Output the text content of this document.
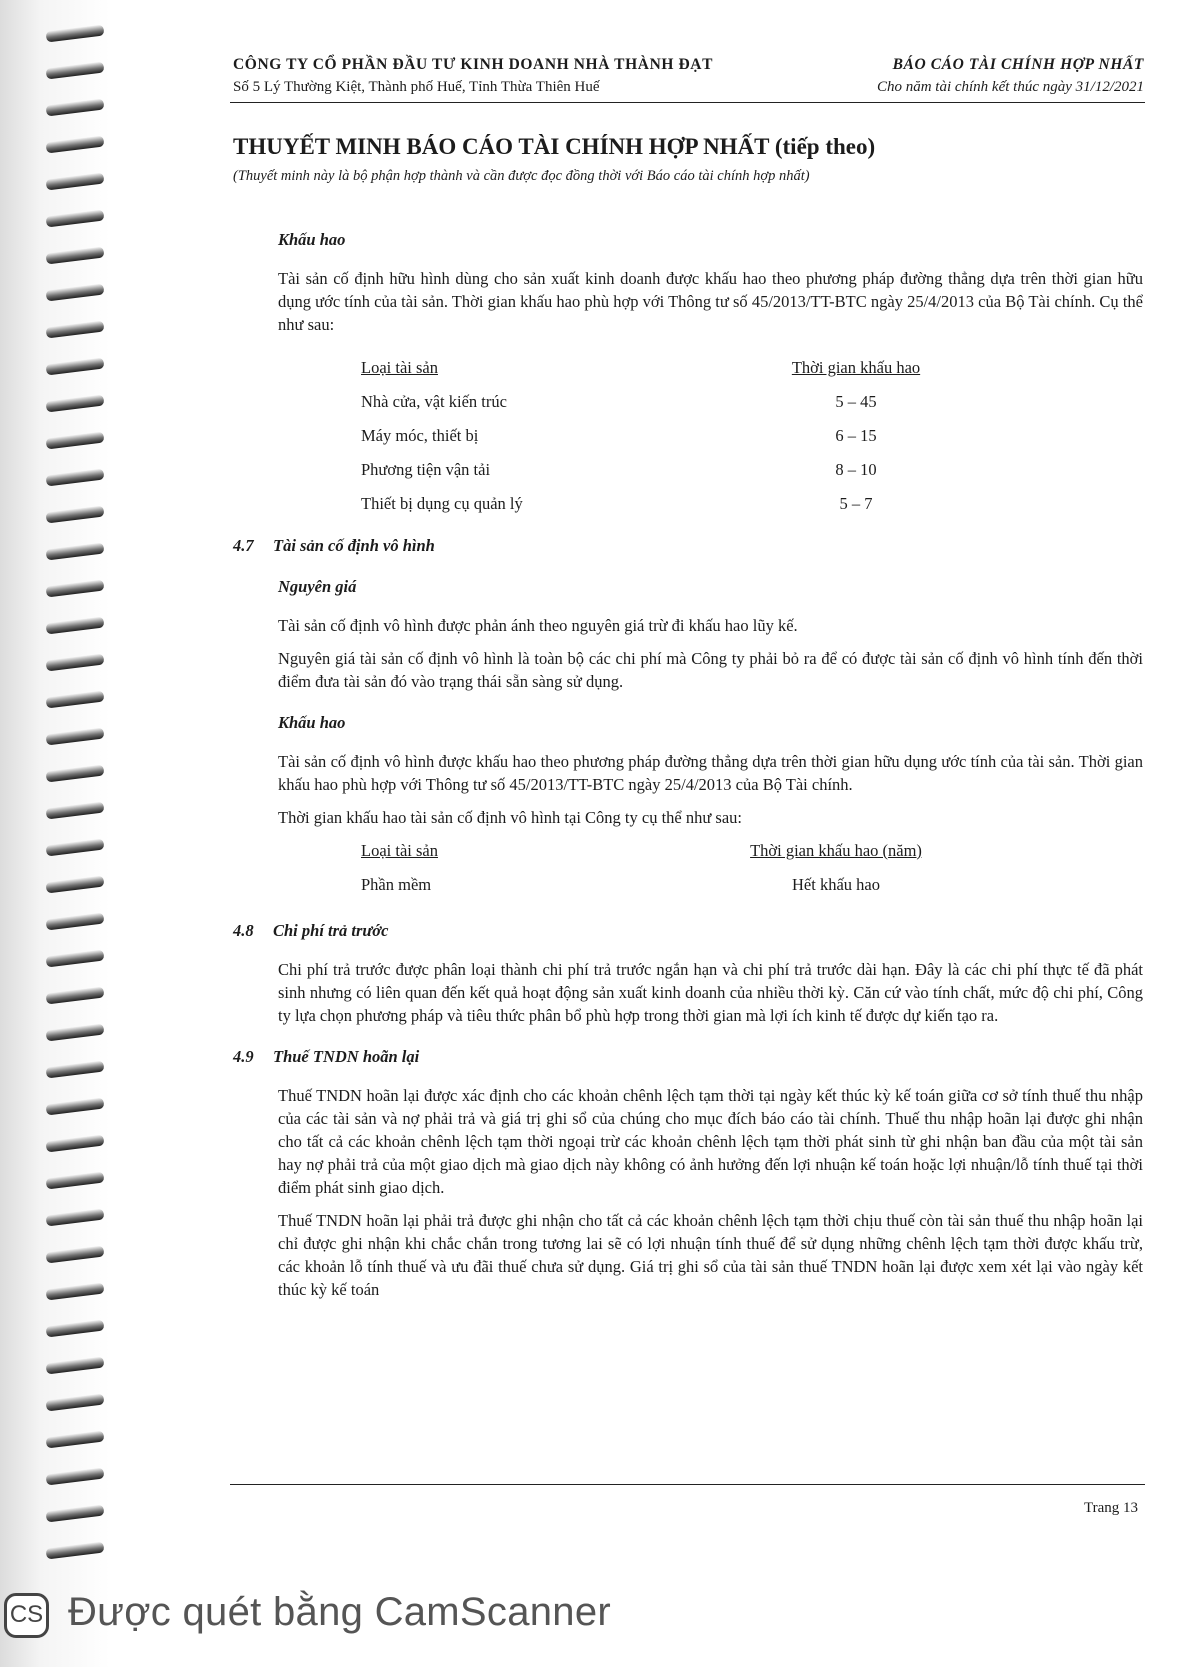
CÔNG TY CỔ PHẦN ĐẦU TƯ KINH DOANH NHÀ THÀNH ĐẠT
Số 5 Lý Thường Kiệt, Thành phố Huế, Tỉnh Thừa Thiên Huế
BÁO CÁO TÀI CHÍNH HỢP NHẤT
Cho năm tài chính kết thúc ngày 31/12/2021
THUYẾT MINH BÁO CÁO TÀI CHÍNH HỢP NHẤT (tiếp theo)
(Thuyết minh này là bộ phận hợp thành và cần được đọc đồng thời với Báo cáo tài chính hợp nhất)
Khấu hao
Tài sản cố định hữu hình dùng cho sản xuất kinh doanh được khấu hao theo phương pháp đường thẳng dựa trên thời gian hữu dụng ước tính của tài sản. Thời gian khấu hao phù hợp với Thông tư số 45/2013/TT-BTC ngày 25/4/2013 của Bộ Tài chính. Cụ thể như sau:
Loại tài sản	Thời gian khấu hao
Nhà cửa, vật kiến trúc	5 – 45
Máy móc, thiết bị	6 – 15
Phương tiện vận tải	8 – 10
Thiết bị dụng cụ quản lý	5 – 7
4.7 Tài sản cố định vô hình
Nguyên giá
Tài sản cố định vô hình được phản ánh theo nguyên giá trừ đi khấu hao lũy kế.
Nguyên giá tài sản cố định vô hình là toàn bộ các chi phí mà Công ty phải bỏ ra để có được tài sản cố định vô hình tính đến thời điểm đưa tài sản đó vào trạng thái sẵn sàng sử dụng.
Khấu hao
Tài sản cố định vô hình được khấu hao theo phương pháp đường thẳng dựa trên thời gian hữu dụng ước tính của tài sản. Thời gian khấu hao phù hợp với Thông tư số 45/2013/TT-BTC ngày 25/4/2013 của Bộ Tài chính.
Thời gian khấu hao tài sản cố định vô hình tại Công ty cụ thể như sau:
Loại tài sản	Thời gian khấu hao (năm)
Phần mềm	Hết khấu hao
4.8 Chi phí trả trước
Chi phí trả trước được phân loại thành chi phí trả trước ngắn hạn và chi phí trả trước dài hạn. Đây là các chi phí thực tế đã phát sinh nhưng có liên quan đến kết quả hoạt động sản xuất kinh doanh của nhiều thời kỳ. Căn cứ vào tính chất, mức độ chi phí, Công ty lựa chọn phương pháp và tiêu thức phân bổ phù hợp trong thời gian mà lợi ích kinh tế được dự kiến tạo ra.
4.9 Thuế TNDN hoãn lại
Thuế TNDN hoãn lại được xác định cho các khoản chênh lệch tạm thời tại ngày kết thúc kỳ kế toán giữa cơ sở tính thuế thu nhập của các tài sản và nợ phải trả và giá trị ghi sổ của chúng cho mục đích báo cáo tài chính. Thuế thu nhập hoãn lại được ghi nhận cho tất cả các khoản chênh lệch tạm thời ngoại trừ các khoản chênh lệch tạm thời phát sinh từ ghi nhận ban đầu của một tài sản hay nợ phải trả của một giao dịch mà giao dịch này không có ảnh hưởng đến lợi nhuận kế toán hoặc lợi nhuận/lỗ tính thuế tại thời điểm phát sinh giao dịch.
Thuế TNDN hoãn lại phải trả được ghi nhận cho tất cả các khoản chênh lệch tạm thời chịu thuế còn tài sản thuế thu nhập hoãn lại chỉ được ghi nhận khi chắc chắn trong tương lai sẽ có lợi nhuận tính thuế để sử dụng những chênh lệch tạm thời được khấu trừ, các khoản lỗ tính thuế và ưu đãi thuế chưa sử dụng. Giá trị ghi sổ của tài sản thuế TNDN hoãn lại được xem xét lại vào ngày kết thúc kỳ kế toán
Trang 13
CS Được quét bằng CamScanner
